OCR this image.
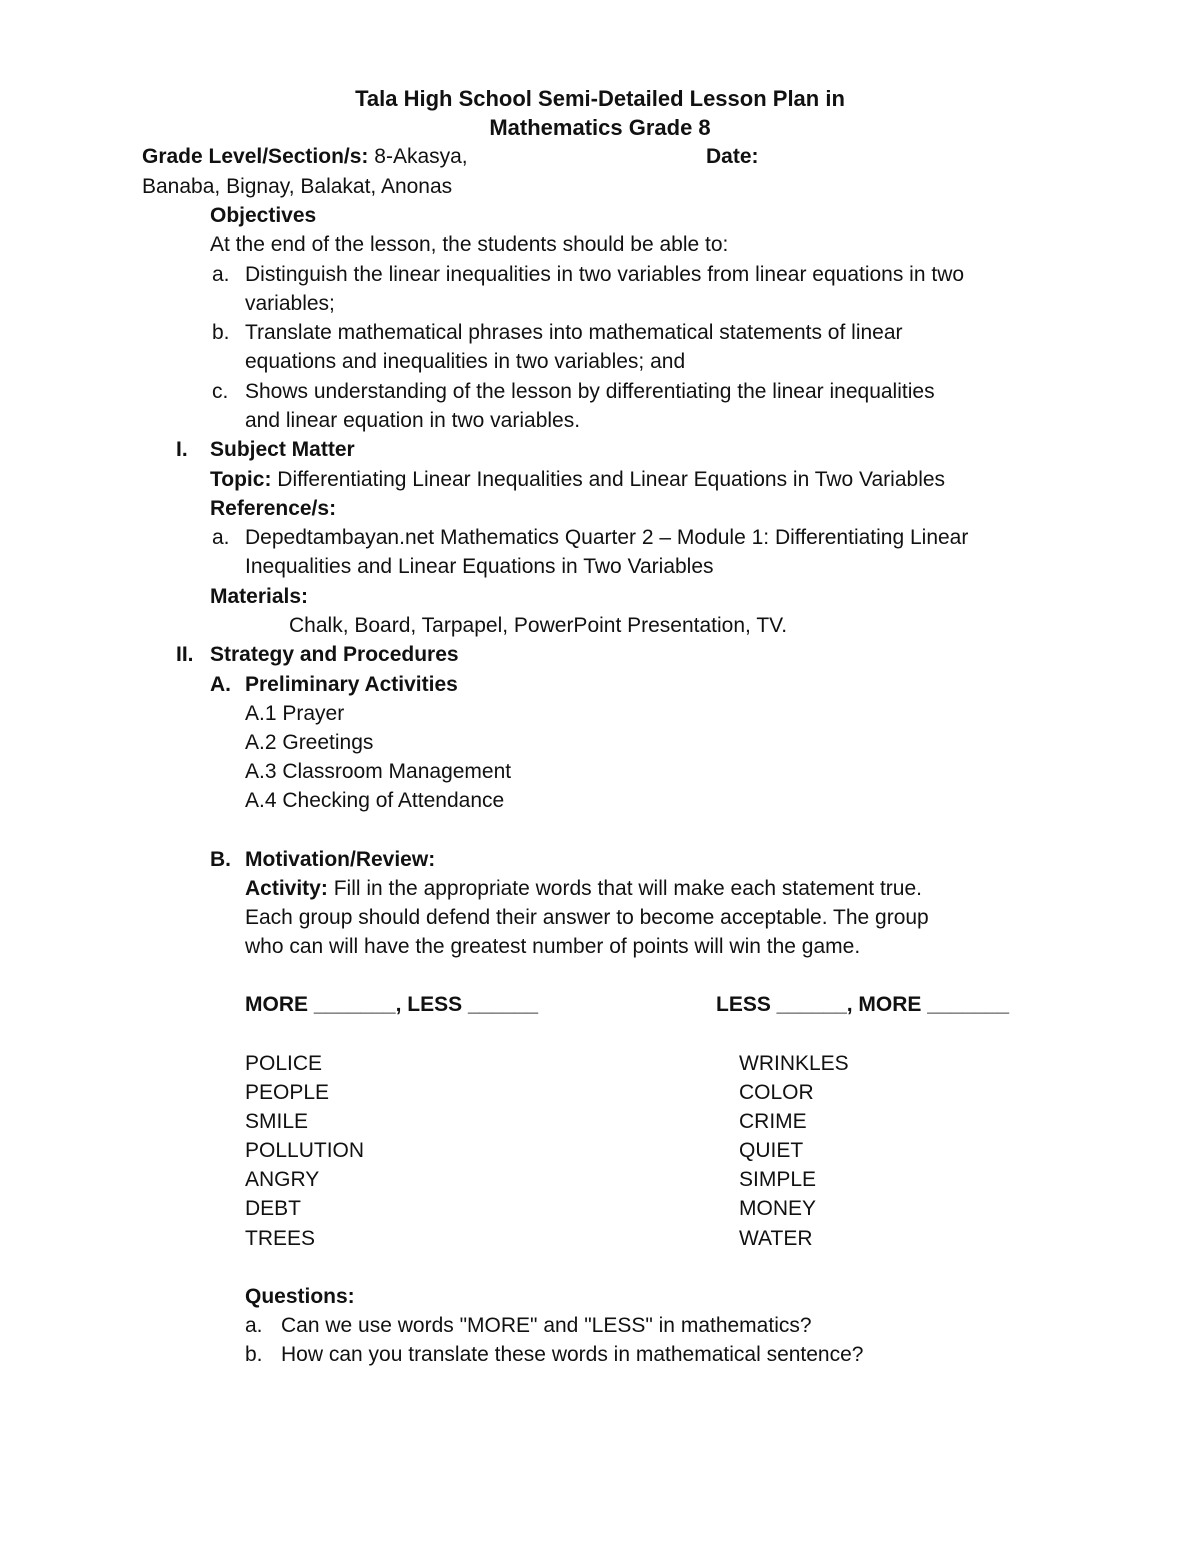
Tala High School Semi-Detailed Lesson Plan in
Mathematics Grade 8
Grade Level/Section/s: 8-Akasya,	Date:
Banaba, Bignay, Balakat, Anonas
Objectives
At the end of the lesson, the students should be able to:
a. Distinguish the linear inequalities in two variables from linear equations in two
variables;
b. Translate mathematical phrases into mathematical statements of linear
equations and inequalities in two variables; and
c. Shows understanding of the lesson by differentiating the linear inequalities
and linear equation in two variables.
I. Subject Matter
Topic: Differentiating Linear Inequalities and Linear Equations in Two Variables
Reference/s:
a. Depedtambayan.net Mathematics Quarter 2 – Module 1: Differentiating Linear
Inequalities and Linear Equations in Two Variables
Materials:
Chalk, Board, Tarpapel, PowerPoint Presentation, TV.
II. Strategy and Procedures
A. Preliminary Activities
A.1 Prayer
A.2 Greetings
A.3 Classroom Management
A.4 Checking of Attendance
B. Motivation/Review:
Activity: Fill in the appropriate words that will make each statement true.
Each group should defend their answer to become acceptable. The group
who can will have the greatest number of points will win the game.
MORE _______, LESS ______	LESS ______, MORE _______
POLICE
PEOPLE
SMILE
POLLUTION
ANGRY
DEBT
TREES
WRINKLES
COLOR
CRIME
QUIET
SIMPLE
MONEY
WATER
Questions:
a. Can we use words "MORE" and "LESS" in mathematics?
b. How can you translate these words in mathematical sentence?
